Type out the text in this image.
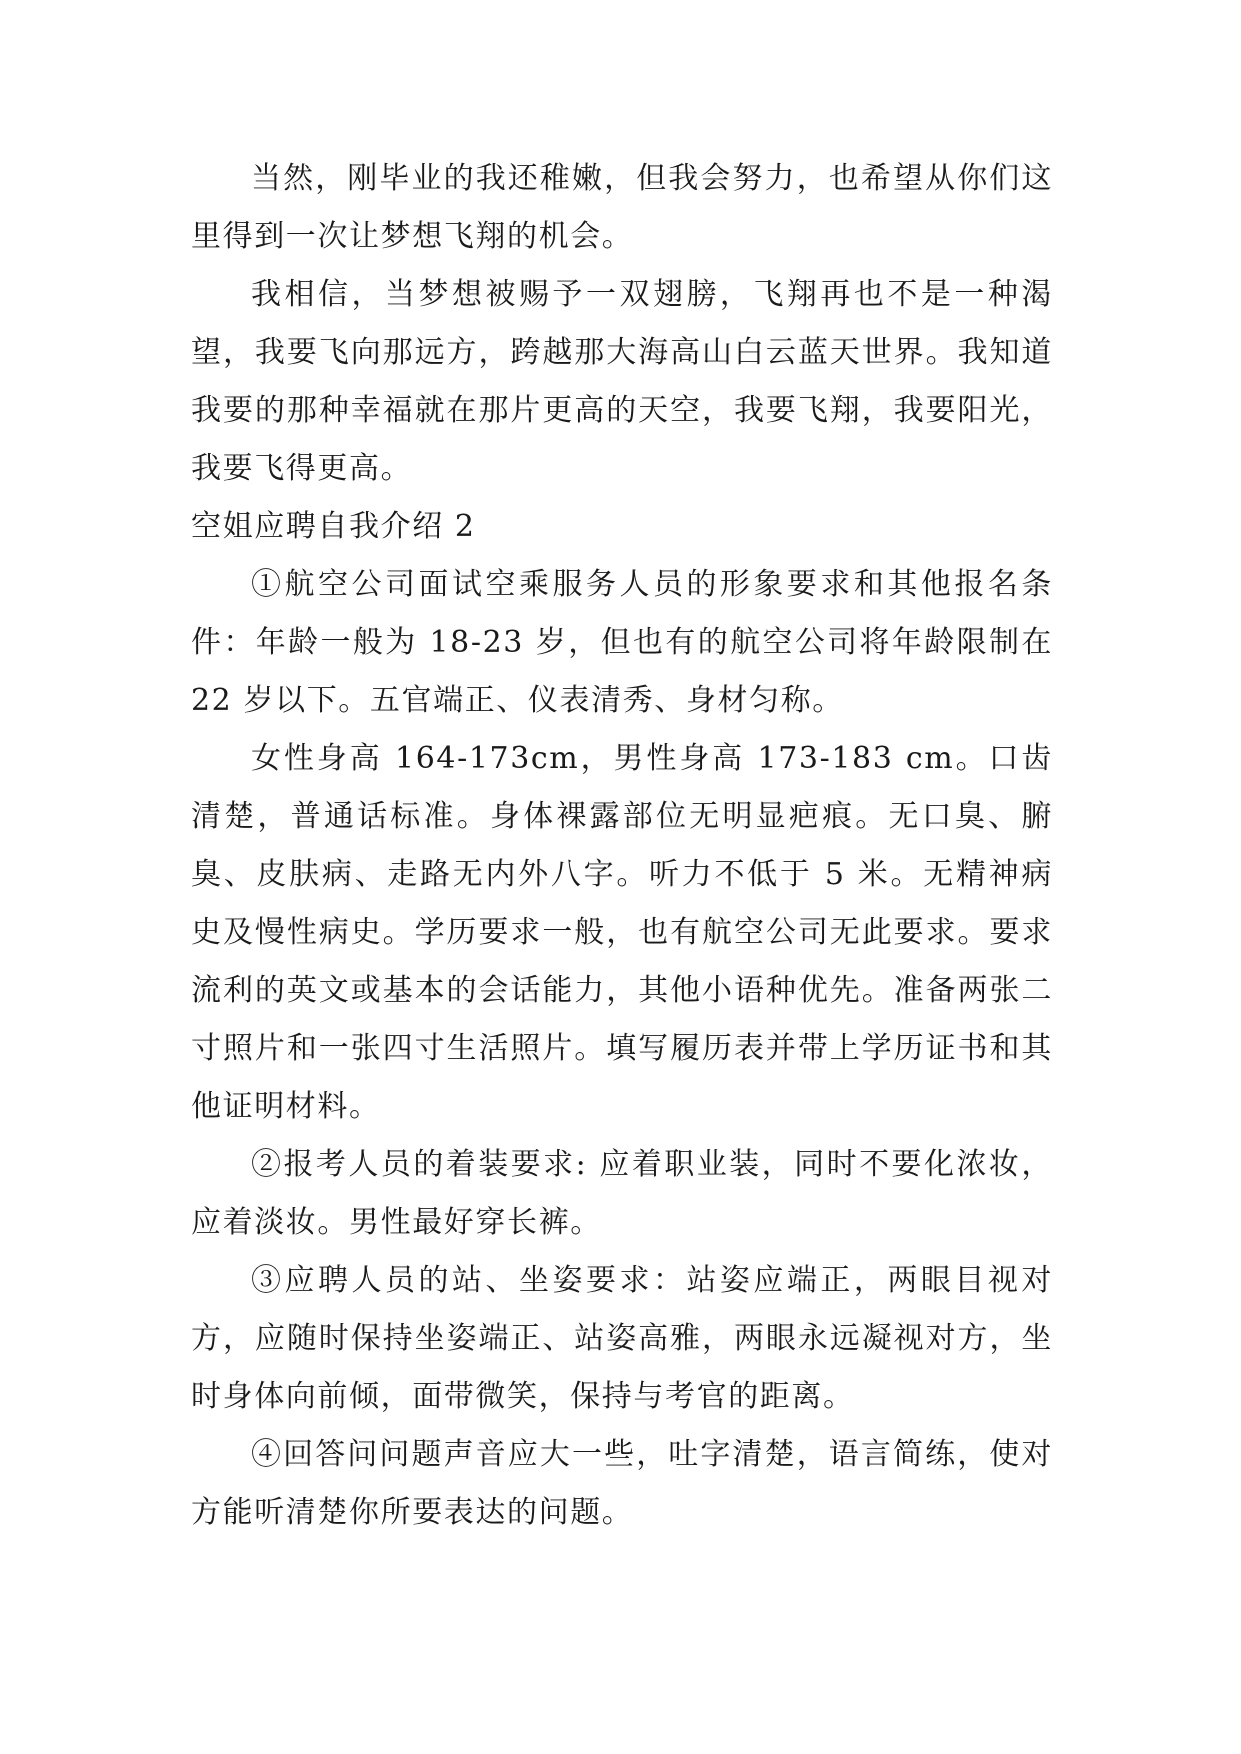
当然，刚毕业的我还稚嫩，但我会努力，也希望从你们这里得到一次让梦想飞翔的机会。

我相信，当梦想被赐予一双翅膀，飞翔再也不是一种渴望，我要飞向那远方，跨越那大海高山白云蓝天世界。我知道我要的那种幸福就在那片更高的天空，我要飞翔，我要阳光，我要飞得更高。

空姐应聘自我介绍 2

①航空公司面试空乘服务人员的形象要求和其他报名条件：年龄一般为 18-23 岁，但也有的航空公司将年龄限制在 22 岁以下。五官端正、仪表清秀、身材匀称。

女性身高 164-173cm，男性身高 173-183 cm。口齿清楚，普通话标准。身体裸露部位无明显疤痕。无口臭、腑臭、皮肤病、走路无内外八字。听力不低于 5 米。无精神病史及慢性病史。学历要求一般，也有航空公司无此要求。要求流利的英文或基本的会话能力，其他小语种优先。准备两张二寸照片和一张四寸生活照片。填写履历表并带上学历证书和其他证明材料。

②报考人员的着装要求: 应着职业装，同时不要化浓妆，应着淡妆。男性最好穿长裤。

③应聘人员的站、坐姿要求：站姿应端正，两眼目视对方，应随时保持坐姿端正、站姿高雅，两眼永远凝视对方，坐时身体向前倾，面带微笑，保持与考官的距离。

④回答问问题声音应大一些，吐字清楚，语言简练，使对方能听清楚你所要表达的问题。
